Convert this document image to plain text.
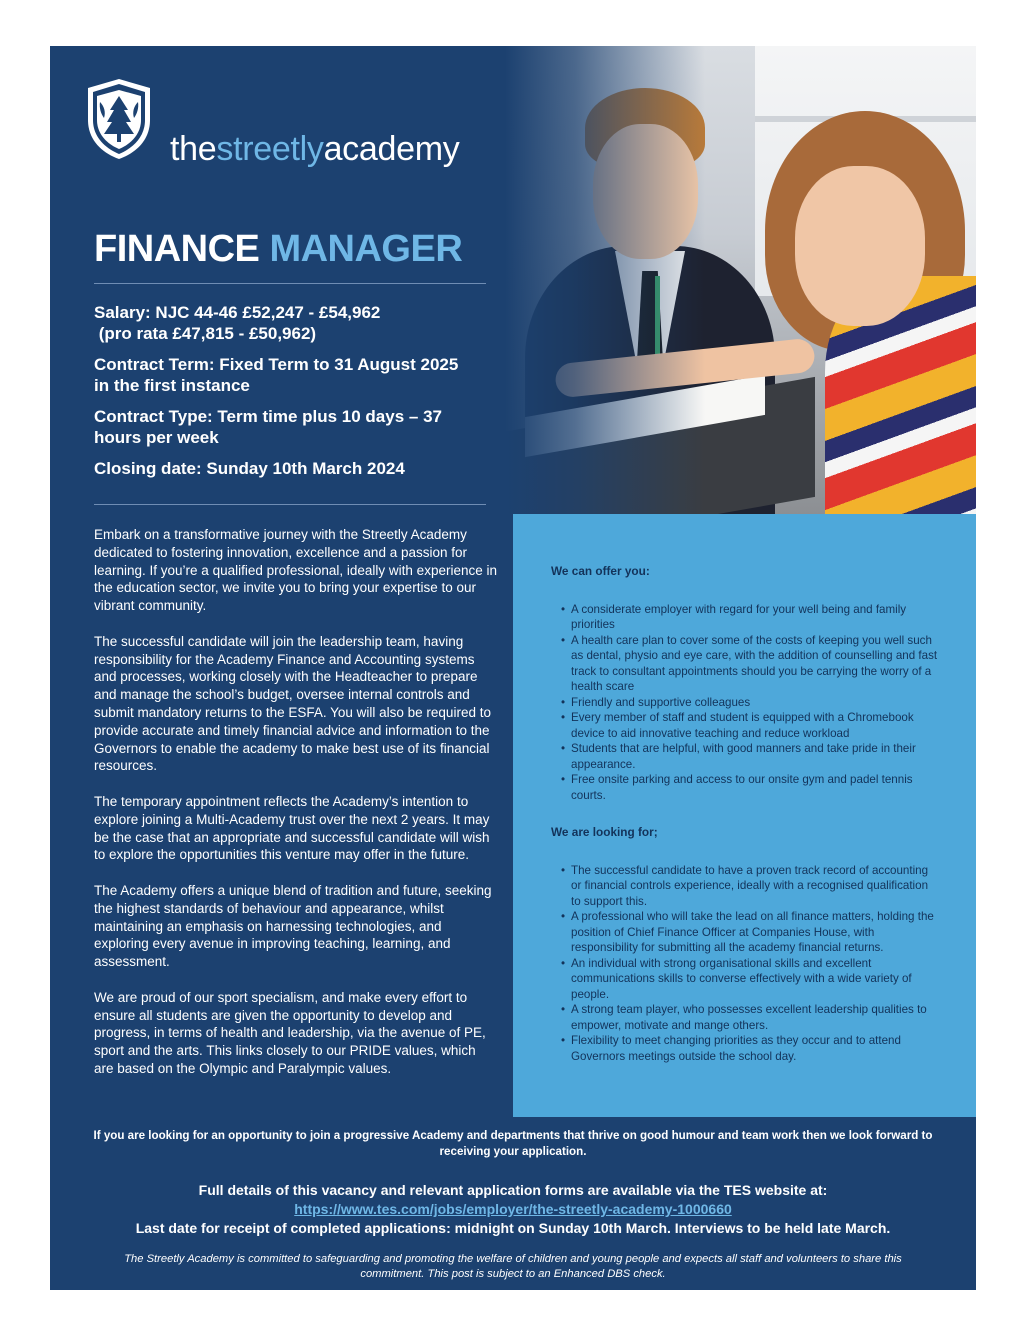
thestreetlyacademy
FINANCE MANAGER

Salary: NJC 44-46 £52,247 - £54,962
(pro rata £47,815 - £50,962)

Contract Term: Fixed Term to 31 August 2025
in the first instance

Contract Type: Term time plus 10 days – 37
hours per week

Closing date: Sunday 10th March 2024

Embark on a transformative journey with the Streetly Academy dedicated to fostering innovation, excellence and a passion for learning. If you’re a qualified professional, ideally with experience in the education sector, we invite you to bring your expertise to our vibrant community.

The successful candidate will join the leadership team, having responsibility for the Academy Finance and Accounting systems and processes, working closely with the Headteacher to prepare and manage the school’s budget, oversee internal controls and submit mandatory returns to the ESFA. You will also be required to provide accurate and timely financial advice and information to the Governors to enable the academy to make best use of its financial resources.

The temporary appointment reflects the Academy’s intention to explore joining a Multi-Academy trust over the next 2 years. It may be the case that an appropriate and successful candidate will wish to explore the opportunities this venture may offer in the future.

The Academy offers a unique blend of tradition and future, seeking the highest standards of behaviour and appearance, whilst maintaining an emphasis on harnessing technologies, and exploring every avenue in improving teaching, learning, and assessment.

We are proud of our sport specialism, and make every effort to ensure all students are given the opportunity to develop and progress, in terms of health and leadership, via the avenue of PE, sport and the arts. This links closely to our PRIDE values, which are based on the Olympic and Paralympic values.

We can offer you:
• A considerate employer with regard for your well being and family priorities
• A health care plan to cover some of the costs of keeping you well such as dental, physio and eye care, with the addition of counselling and fast track to consultant appointments should you be carrying the worry of a health scare
• Friendly and supportive colleagues
• Every member of staff and student is equipped with a Chromebook device to aid innovative teaching and reduce workload
• Students that are helpful, with good manners and take pride in their appearance.
• Free onsite parking and access to our onsite gym and padel tennis courts.
We are looking for;
• The successful candidate to have a proven track record of accounting or financial controls experience, ideally with a recognised qualification to support this.
• A professional who will take the lead on all finance matters, holding the position of Chief Finance Officer at Companies House, with responsibility for submitting all the academy financial returns.
• An individual with strong organisational skills and excellent communications skills to converse effectively with a wide variety of people.
• A strong team player, who possesses excellent leadership qualities to empower, motivate and mange others.
• Flexibility to meet changing priorities as they occur and to attend Governors meetings outside the school day.

If you are looking for an opportunity to join a progressive Academy and departments that thrive on good humour and team work then we look forward to receiving your application.

Full details of this vacancy and relevant application forms are available via the TES website at:
https://www.tes.com/jobs/employer/the-streetly-academy-1000660
Last date for receipt of completed applications: midnight on Sunday 10th March. Interviews to be held late March.

The Streetly Academy is committed to safeguarding and promoting the welfare of children and young people and expects all staff and volunteers to share this commitment. This post is subject to an Enhanced DBS check.
